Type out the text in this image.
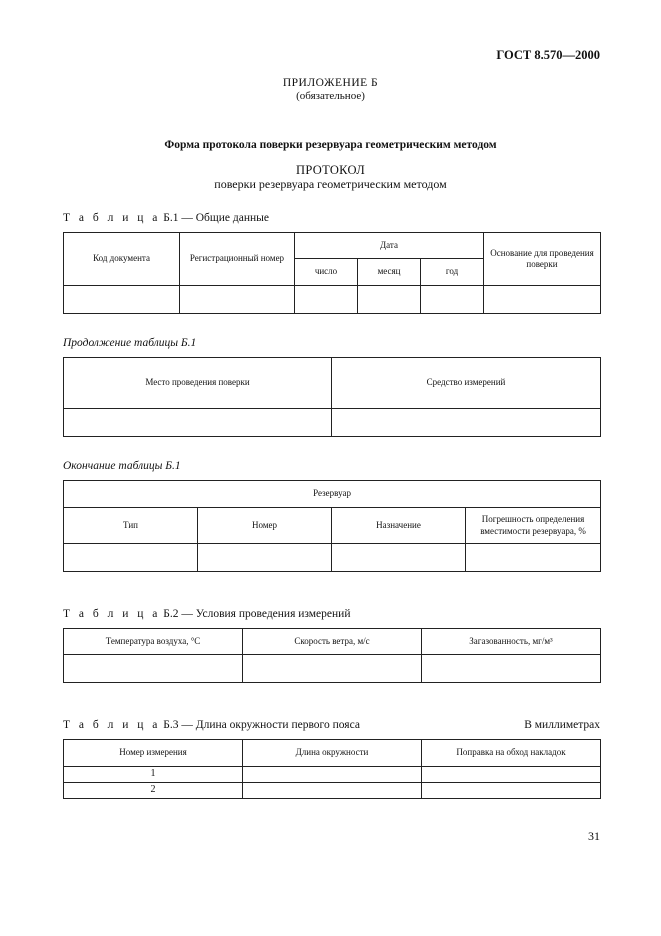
ГОСТ 8.570—2000
ПРИЛОЖЕНИЕ Б
(обязательное)
Форма протокола поверки резервуара геометрическим методом
ПРОТОКОЛ
поверки резервуара геометрическим методом
Т а б л и ц а Б.1 — Общие данные
Код документа	Регистрационный номер	Дата			Основание для проведения поверки
		число	месяц	год	

Продолжение таблицы Б.1
Место проведения поверки	Средство измерений

Окончание таблицы Б.1
Резервуар			
Тип	Номер	Назначение	Погрешность определения вместимости резервуара, %

Т а б л и ц а Б.2 — Условия проведения измерений
Температура воздуха, °С	Скорость ветра, м/с	Загазованность, мг/м³

Т а б л и ц а Б.3 — Длина окружности первого пояса	В миллиметрах
Номер измерения	Длина окружности	Поправка на обход накладок
1		
2		
31
